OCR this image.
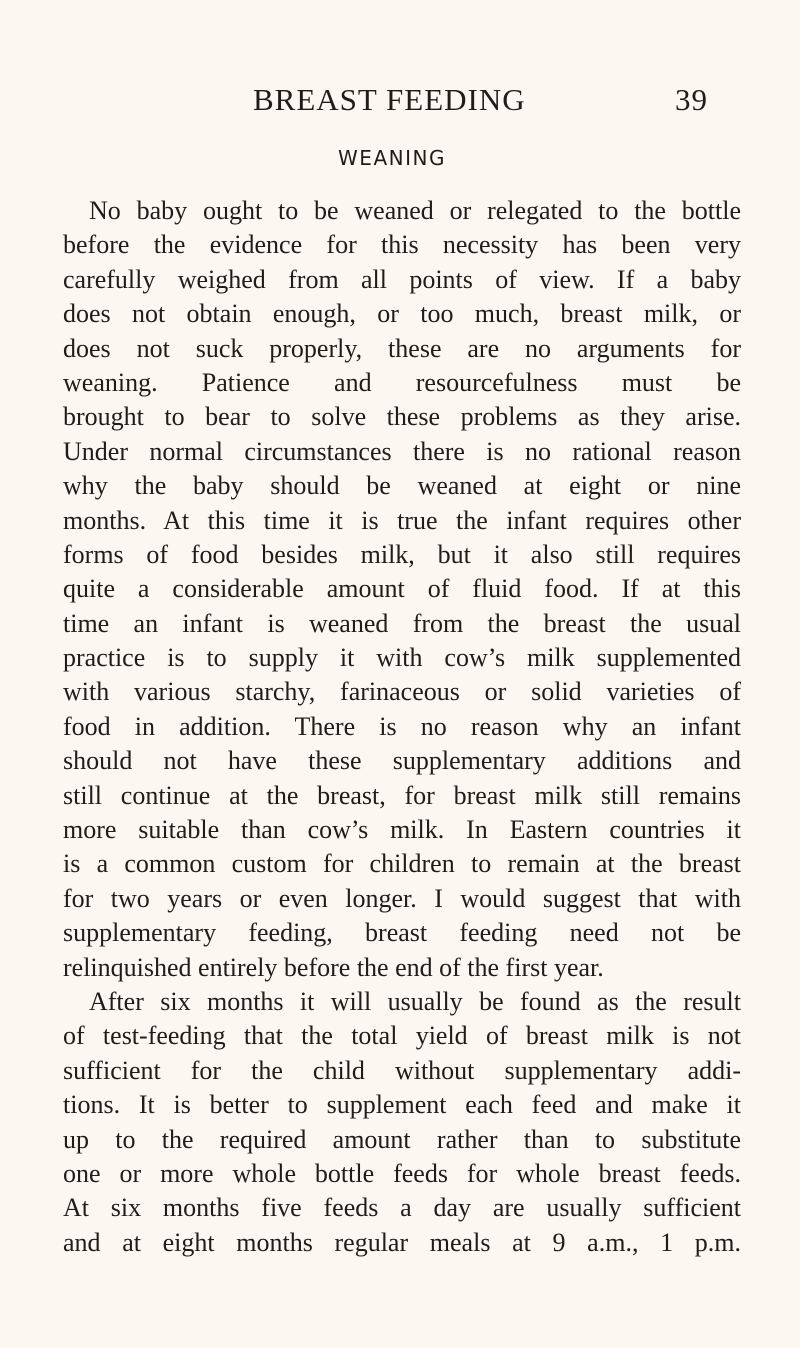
BREAST FEEDING	39
WEANING
No baby ought to be weaned or relegated to the bottle
before the evidence for this necessity has been very
carefully weighed from all points of view. If a baby
does not obtain enough, or too much, breast milk, or
does not suck properly, these are no arguments for
weaning. Patience and resourcefulness must be
brought to bear to solve these problems as they arise.
Under normal circumstances there is no rational reason
why the baby should be weaned at eight or nine
months. At this time it is true the infant requires other
forms of food besides milk, but it also still requires
quite a considerable amount of fluid food. If at this
time an infant is weaned from the breast the usual
practice is to supply it with cow’s milk supplemented
with various starchy, farinaceous or solid varieties of
food in addition. There is no reason why an infant
should not have these supplementary additions and
still continue at the breast, for breast milk still remains
more suitable than cow’s milk. In Eastern countries it
is a common custom for children to remain at the breast
for two years or even longer. I would suggest that with
supplementary feeding, breast feeding need not be
relinquished entirely before the end of the first year.
After six months it will usually be found as the result
of test-feeding that the total yield of breast milk is not
sufficient for the child without supplementary addi-
tions. It is better to supplement each feed and make it
up to the required amount rather than to substitute
one or more whole bottle feeds for whole breast feeds.
At six months five feeds a day are usually sufficient
and at eight months regular meals at 9 a.m., 1 p.m.
